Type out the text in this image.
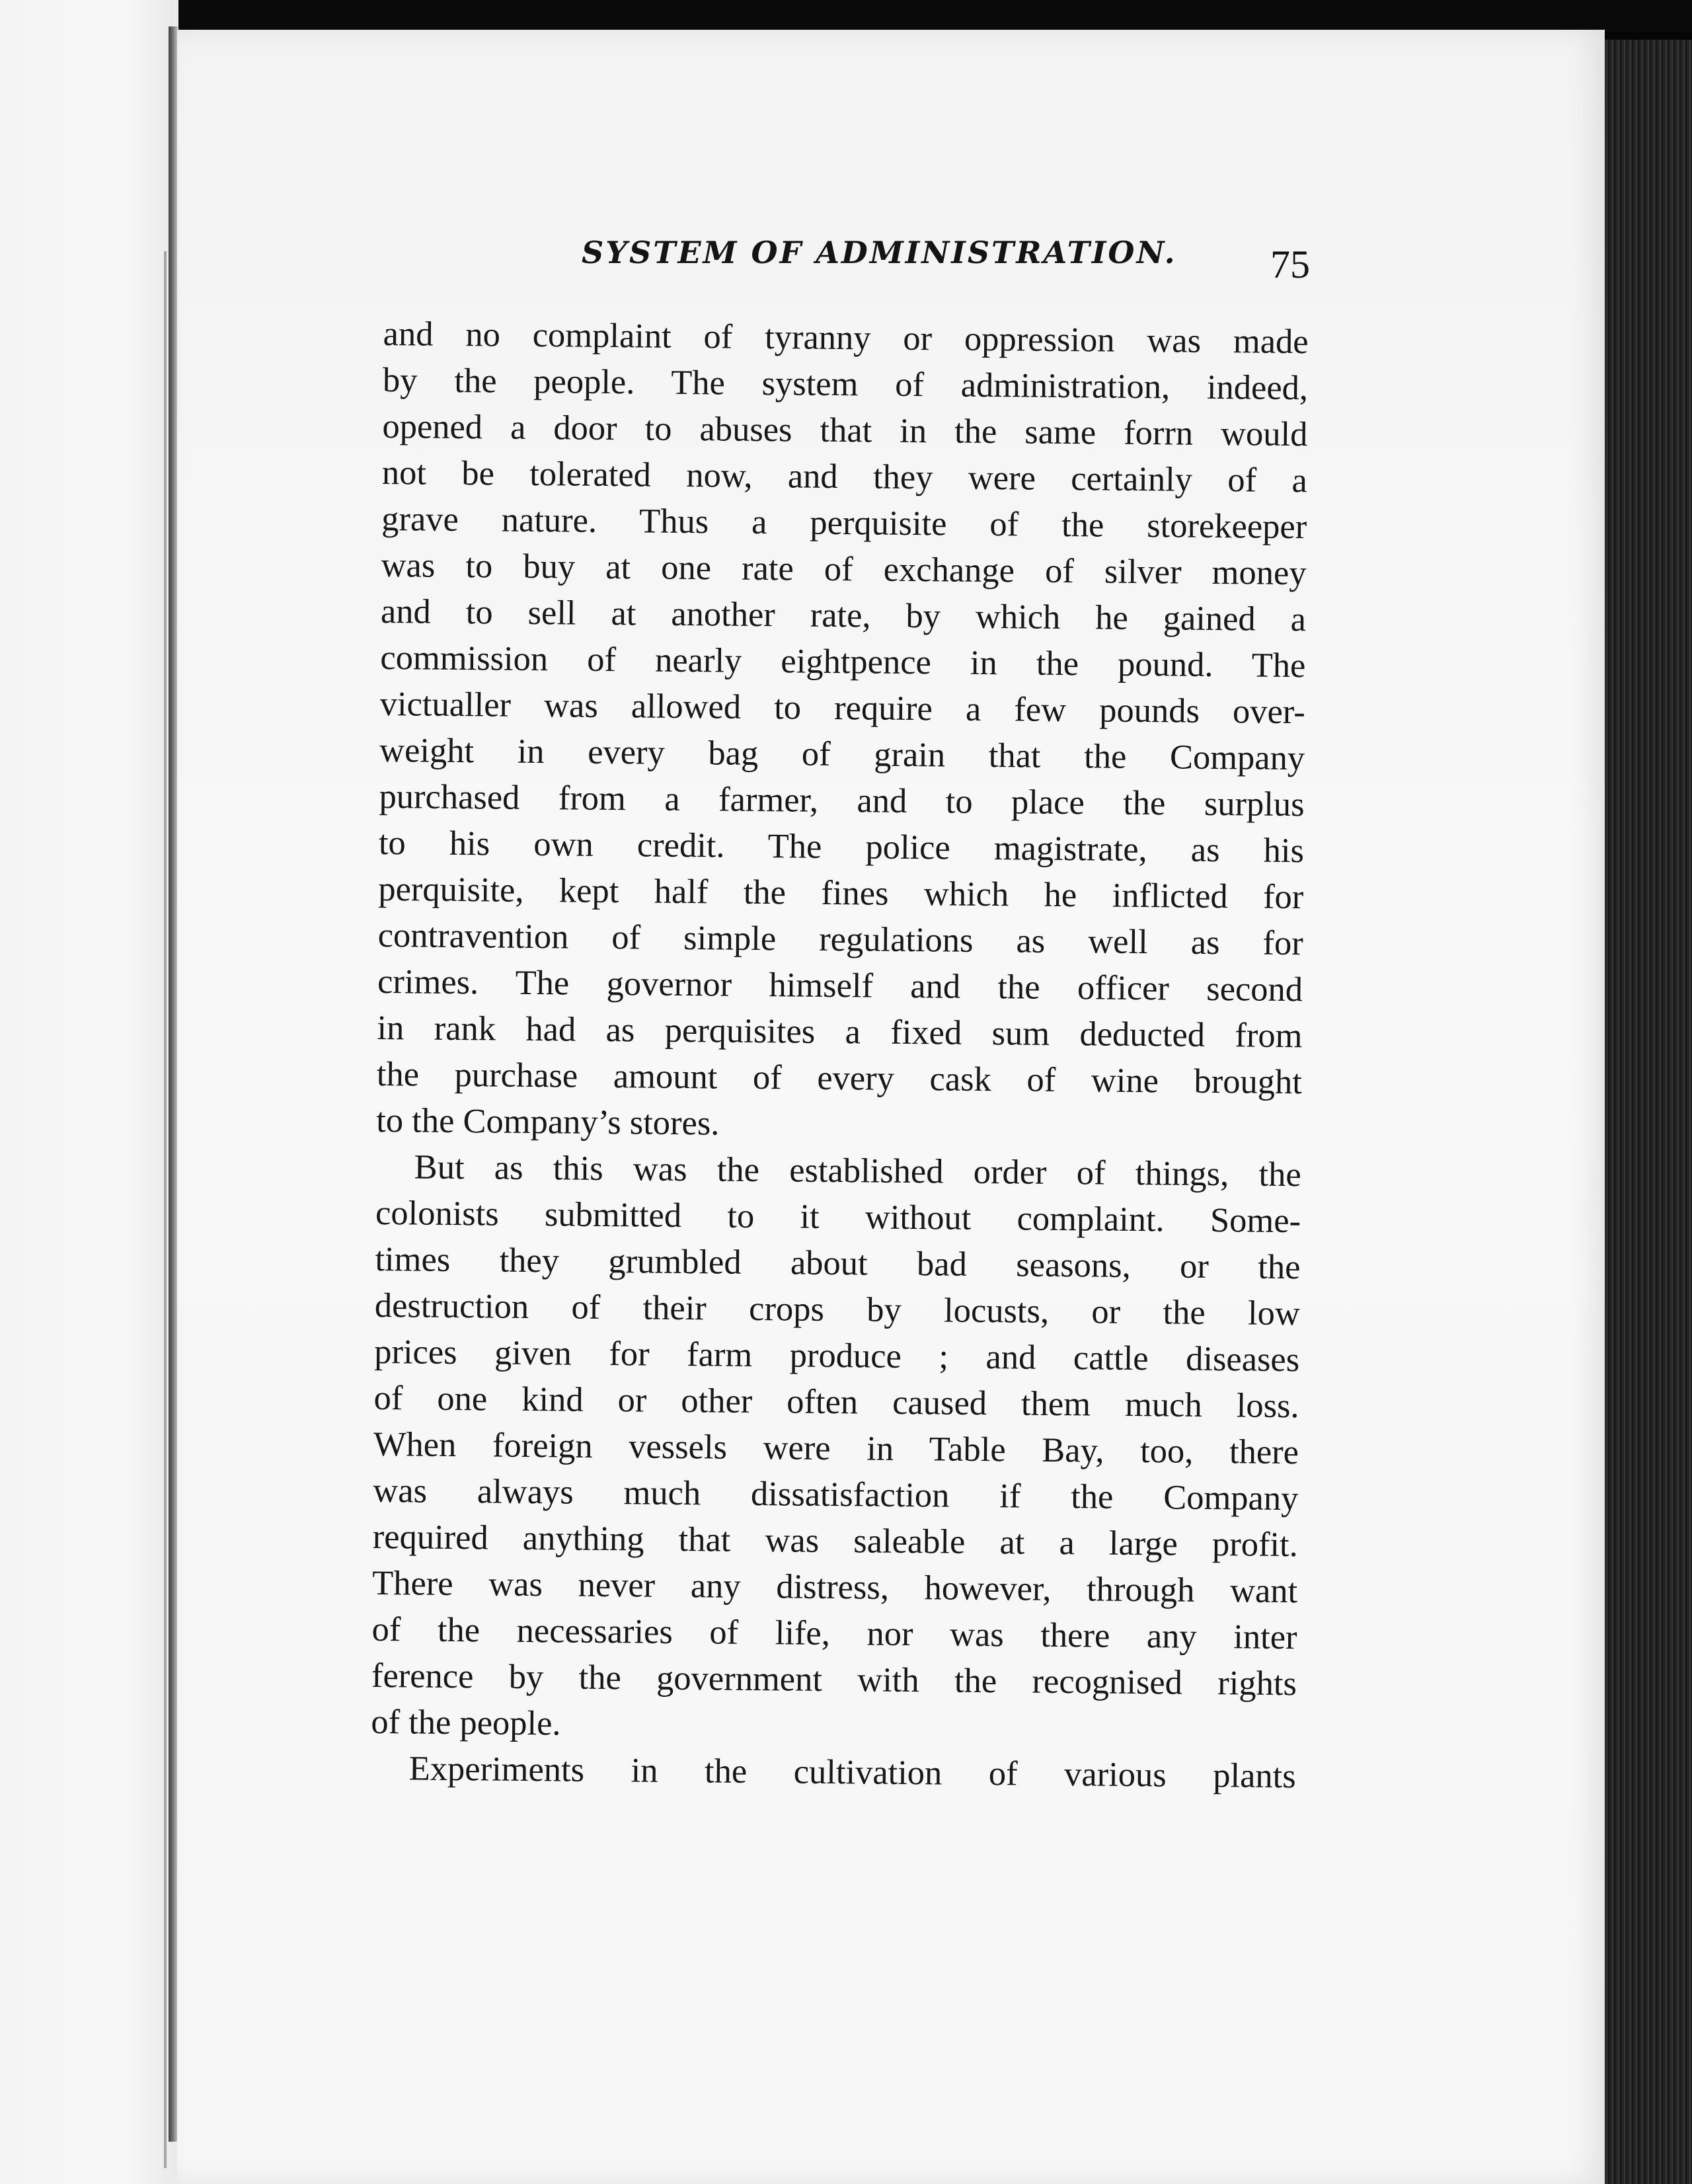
SYSTEM OF ADMINISTRATION. 75
and no complaint of tyranny or oppression was made
by the people. The system of administration, indeed,
opened a door to abuses that in the same forrn would
not be tolerated now, and they were certainly of a
grave nature. Thus a perquisite of the storekeeper
was to buy at one rate of exchange of silver money
and to sell at another rate, by which he gained a
commission of nearly eightpence in the pound. The
victualler was allowed to require a few pounds over-
weight in every bag of grain that the Company
purchased from a farmer, and to place the surplus
to his own credit. The police magistrate, as his
perquisite, kept half the fines which he inflicted for
contravention of simple regulations as well as for
crimes. The governor himself and the officer second
in rank had as perquisites a fixed sum deducted from
the purchase amount of every cask of wine brought
to the Company’s stores.
But as this was the established order of things, the
colonists submitted to it without complaint. Some-
times they grumbled about bad seasons, or the
destruction of their crops by locusts, or the low
prices given for farm produce ; and cattle diseases
of one kind or other often caused them much loss.
When foreign vessels were in Table Bay, too, there
was always much dissatisfaction if the Company
required anything that was saleable at a large profit.
There was never any distress, however, through want
of the necessaries of life, nor was there any inter
ference by the government with the recognised rights
of the people.
Experiments in the cultivation of various plants
